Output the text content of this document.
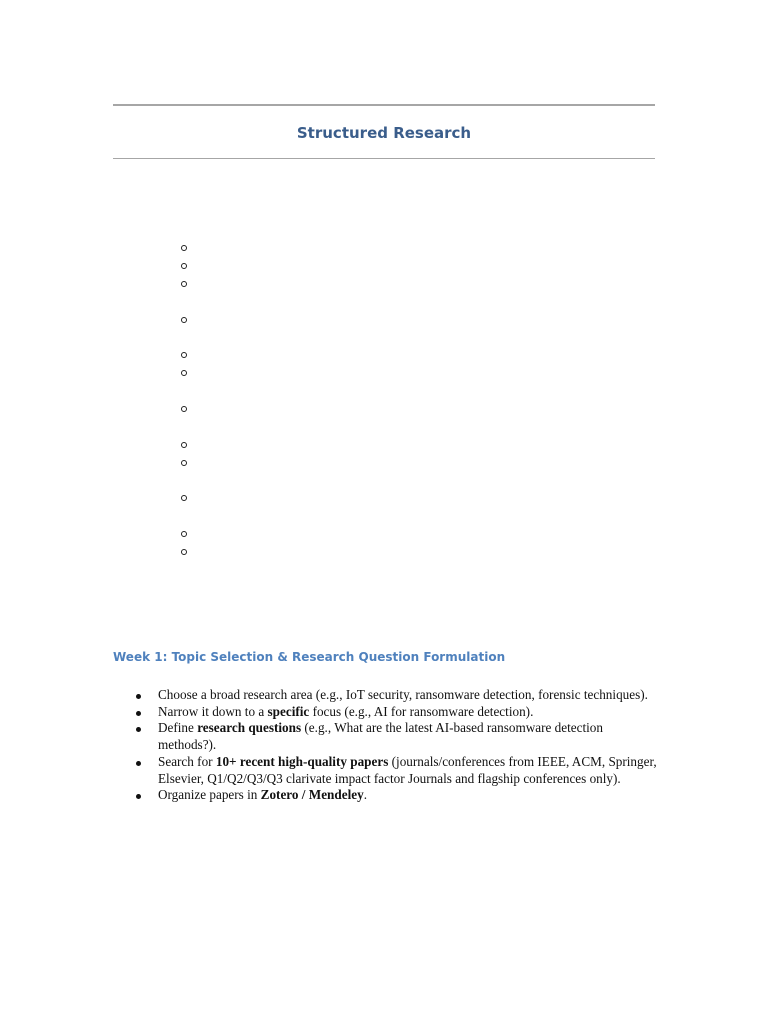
Structured Research
Week 1: Topic Selection & Research Question Formulation
Choose a broad research area (e.g., IoT security, ransomware detection, forensic techniques).
Narrow it down to a specific focus (e.g., AI for ransomware detection).
Define research questions (e.g., What are the latest AI-based ransomware detection methods?).
Search for 10+ recent high-quality papers (journals/conferences from IEEE, ACM, Springer, Elsevier, Q1/Q2/Q3/Q3 clarivate impact factor Journals and flagship conferences only).
Organize papers in Zotero / Mendeley.
